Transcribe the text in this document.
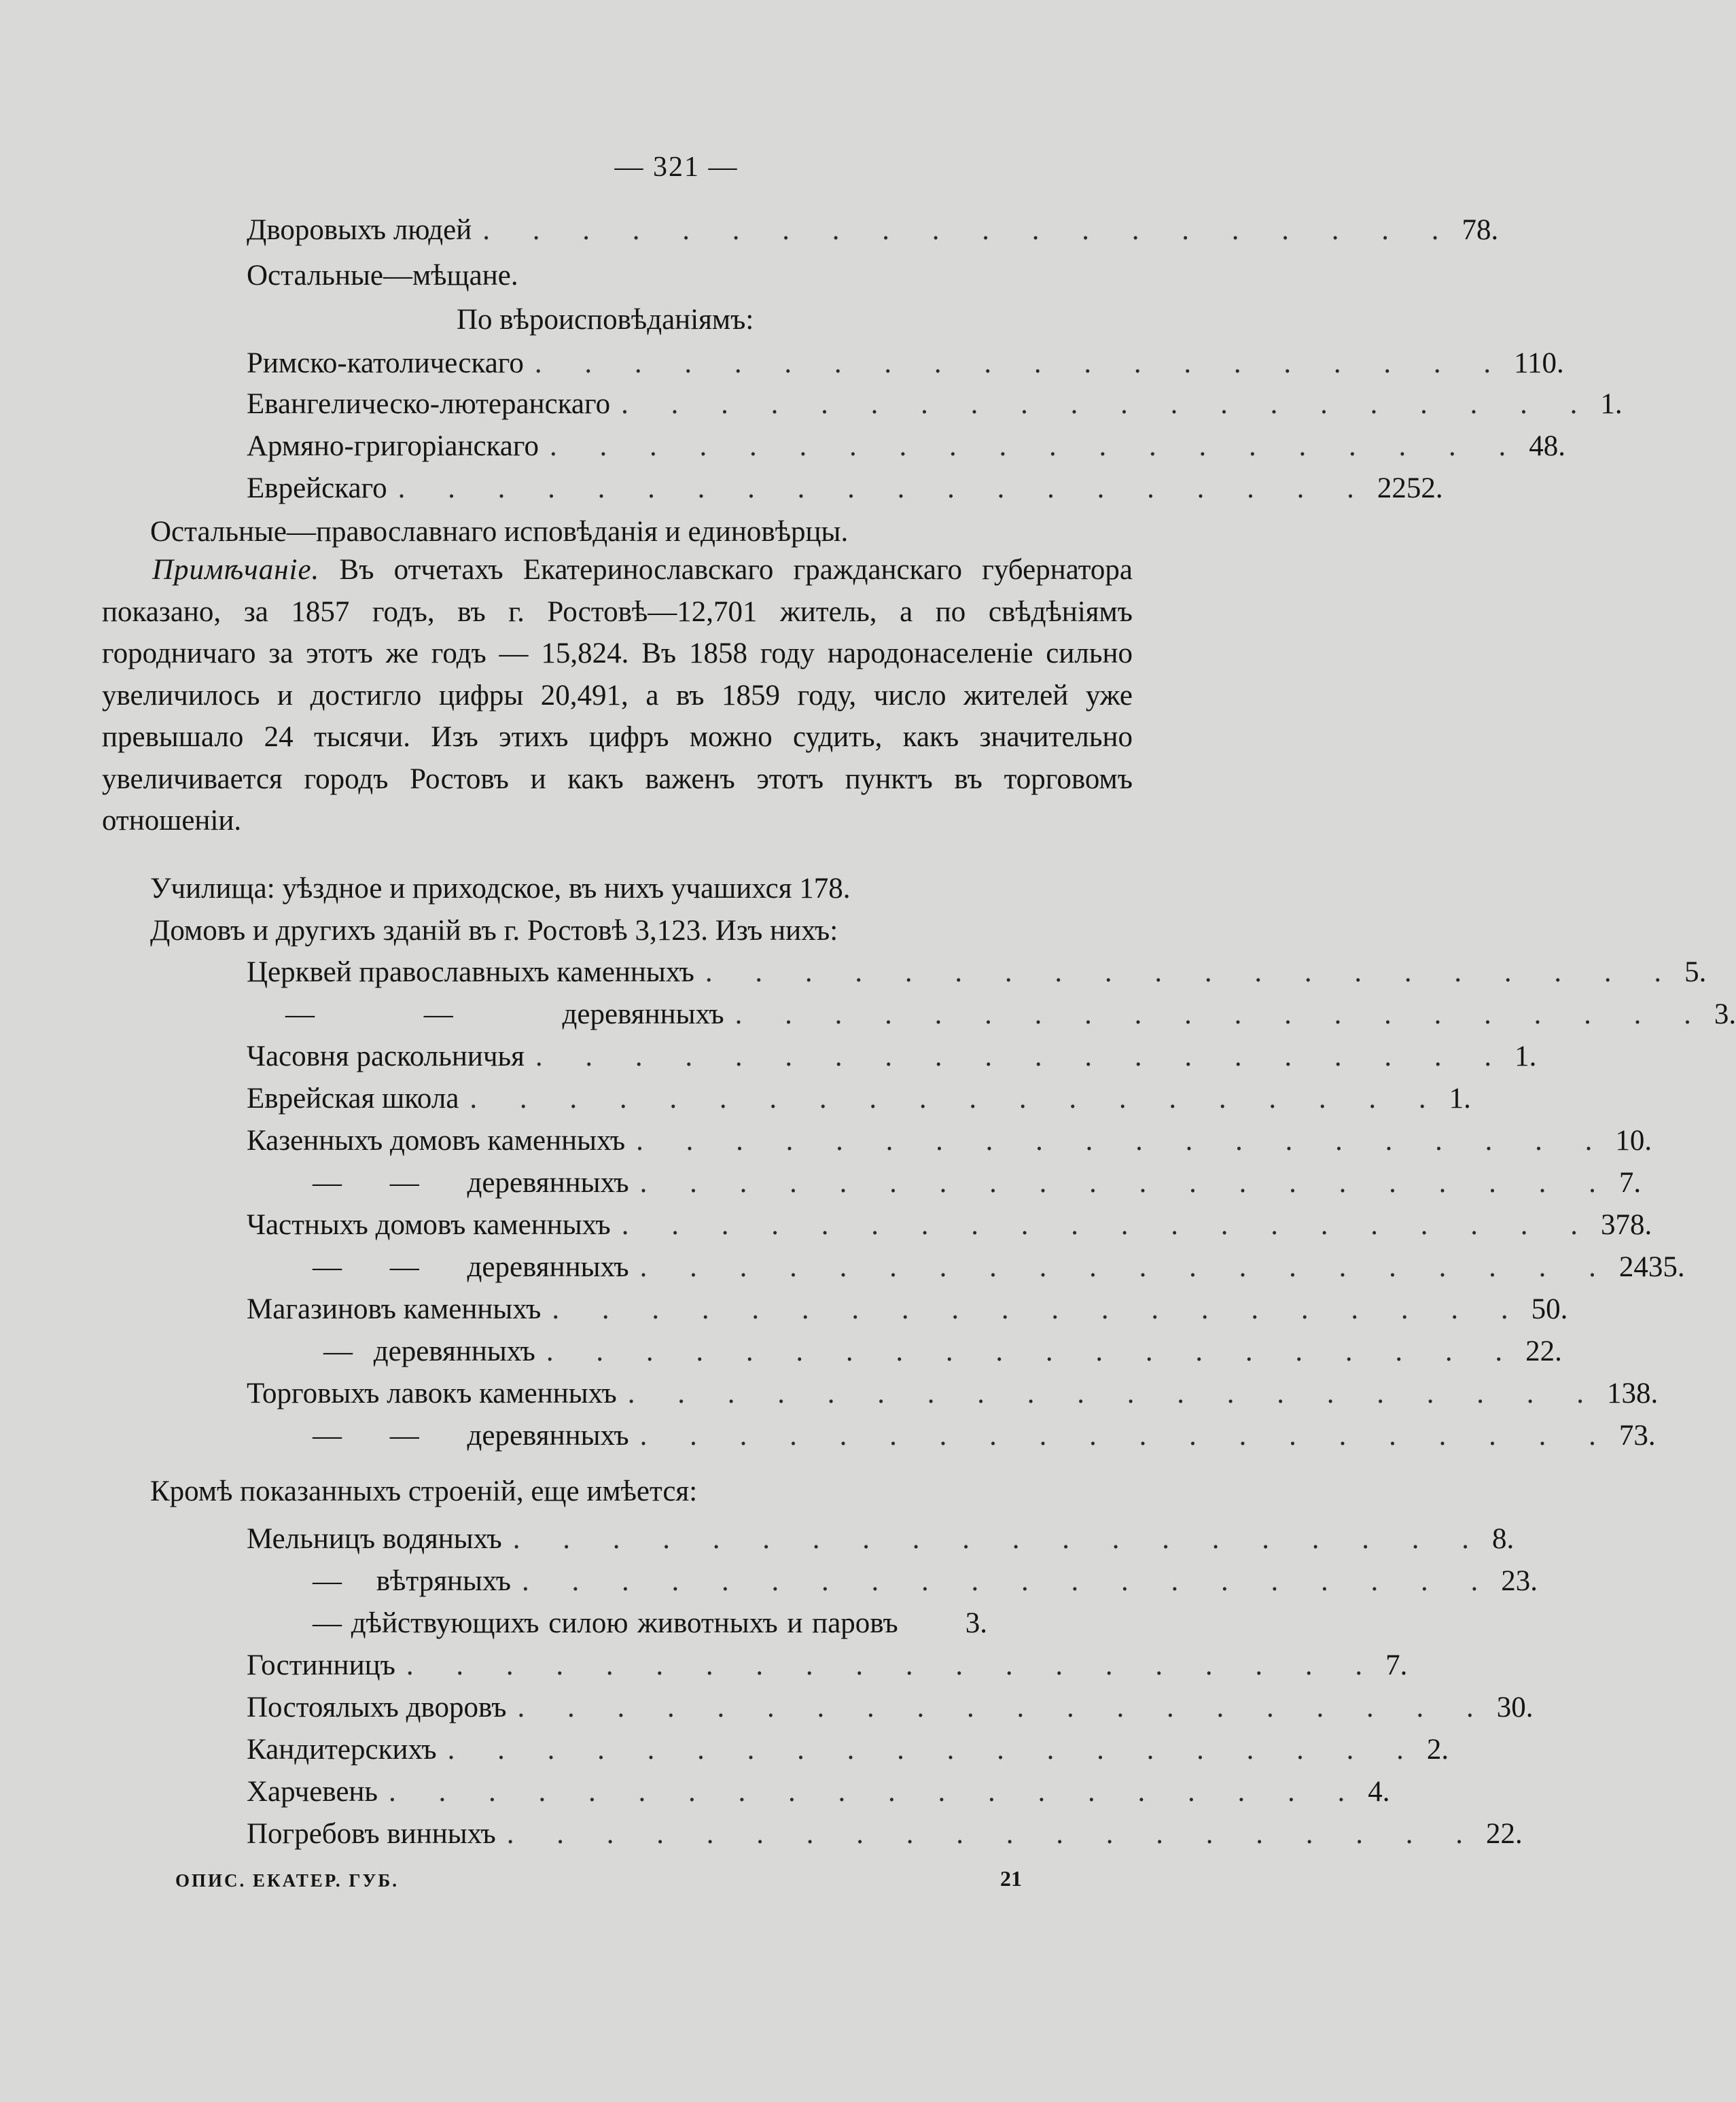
— 321 —
Дворовыхъ людей . . . . . . . . . . . . . . . . . . . . 78.
Остальные—мѣщане.
По вѣроисповѣданіямъ:
Римско-католическаго . . . . . . . . . . . . . . . . . . . . 110.
Евангелическо-лютеранскаго . . . . . . . . . . . . . . . . . . . . 1.
Армяно-григоріанскаго . . . . . . . . . . . . . . . . . . . . 48.
Еврейскаго . . . . . . . . . . . . . . . . . . . . 2252.
Остальные—православнаго исповѣданія и единовѣрцы.
Примѣчаніе. Въ отчетахъ Екатеринославскаго гражданскаго губернатора показано, за 1857 годъ, въ г. Ростовѣ—12,701 житель, а по свѣдѣніямъ городничаго за этотъ же годъ — 15,824. Въ 1858 году народонаселеніе сильно увеличилось и достигло цифры 20,491, а въ 1859 году, число жителей уже превышало 24 тысячи. Изъ этихъ цифръ можно судить, какъ значительно увеличивается городъ Ростовъ и какъ важенъ этотъ пунктъ въ торговомъ отношеніи.
Училища: уѣздное и приходское, въ нихъ учашихся 178.
Домовъ и другихъ зданій въ г. Ростовѣ 3,123. Изъ нихъ:
Церквей православныхъ каменныхъ . . . . . . . . . . . . . . . . . . . . 5.
— — деревянныхъ . . . . . . . . . . . . . . . . . . . . 3.
Часовня раскольничья . . . . . . . . . . . . . . . . . . . . 1.
Еврейская школа . . . . . . . . . . . . . . . . . . . . 1.
Казенныхъ домовъ каменныхъ . . . . . . . . . . . . . . . . . . . . 10.
— — деревянныхъ . . . . . . . . . . . . . . . . . . . . 7.
Частныхъ домовъ каменныхъ . . . . . . . . . . . . . . . . . . . . 378.
— — деревянныхъ . . . . . . . . . . . . . . . . . . . . 2435.
Магазиновъ каменныхъ . . . . . . . . . . . . . . . . . . . . 50.
— деревянныхъ . . . . . . . . . . . . . . . . . . . . 22.
Торговыхъ лавокъ каменныхъ . . . . . . . . . . . . . . . . . . . . 138.
— — деревянныхъ . . . . . . . . . . . . . . . . . . . . 73.
Кромѣ показанныхъ строеній, еще имѣется:
Мельницъ водяныхъ . . . . . . . . . . . . . . . . . . . . 8.
— вѣтряныхъ . . . . . . . . . . . . . . . . . . . . 23.
— дѣйствующихъ силою животныхъ и паровъ 3.
Гостинницъ . . . . . . . . . . . . . . . . . . . . 7.
Постоялыхъ дворовъ . . . . . . . . . . . . . . . . . . . . 30.
Кандитерскихъ . . . . . . . . . . . . . . . . . . . . 2.
Харчевень . . . . . . . . . . . . . . . . . . . . 4.
Погребовъ винныхъ . . . . . . . . . . . . . . . . . . . . 22.
ОПИС. ЕКАТЕР. ГУБ.	21
